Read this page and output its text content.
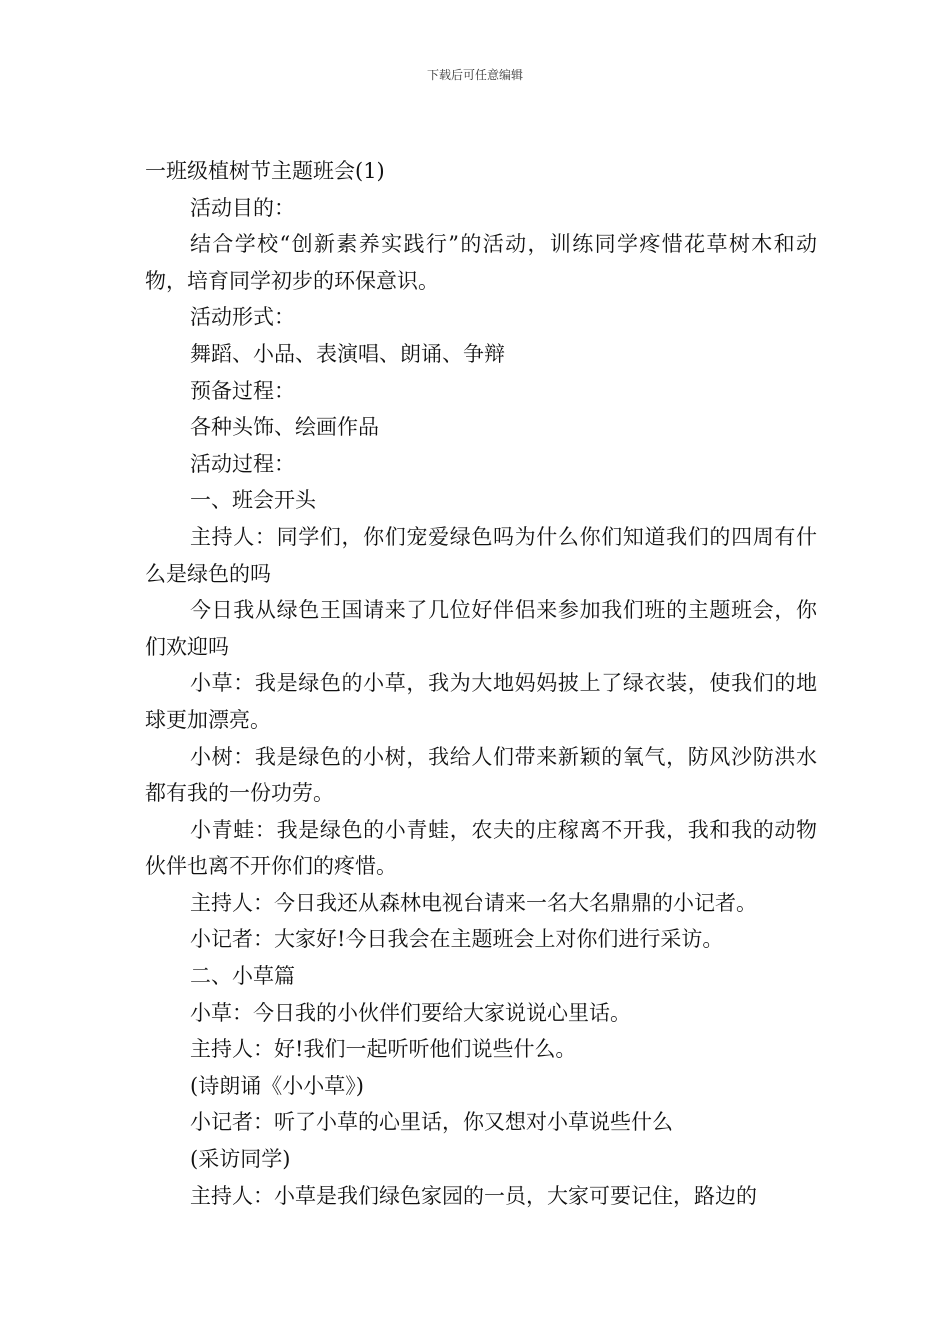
下载后可任意编辑
一班级植树节主题班会(1)

活动目的：

结合学校“创新素养实践行”的活动，训练同学疼惜花草树木和动物，培育同学初步的环保意识。

活动形式：

舞蹈、小品、表演唱、朗诵、争辩

预备过程：

各种头饰、绘画作品

活动过程：

一、班会开头

主持人：同学们，你们宠爱绿色吗为什么你们知道我们的四周有什么是绿色的吗

今日我从绿色王国请来了几位好伴侣来参加我们班的主题班会，你们欢迎吗

小草：我是绿色的小草，我为大地妈妈披上了绿衣装，使我们的地球更加漂亮。

小树：我是绿色的小树，我给人们带来新颖的氧气，防风沙防洪水都有我的一份功劳。

小青蛙：我是绿色的小青蛙，农夫的庄稼离不开我，我和我的动物伙伴也离不开你们的疼惜。

主持人：今日我还从森林电视台请来一名大名鼎鼎的小记者。

小记者：大家好!今日我会在主题班会上对你们进行采访。

二、小草篇

小草：今日我的小伙伴们要给大家说说心里话。

主持人：好!我们一起听听他们说些什么。

(诗朗诵《小小草》)

小记者：听了小草的心里话，你又想对小草说些什么

(采访同学)

主持人：小草是我们绿色家园的一员，大家可要记住，路边的
